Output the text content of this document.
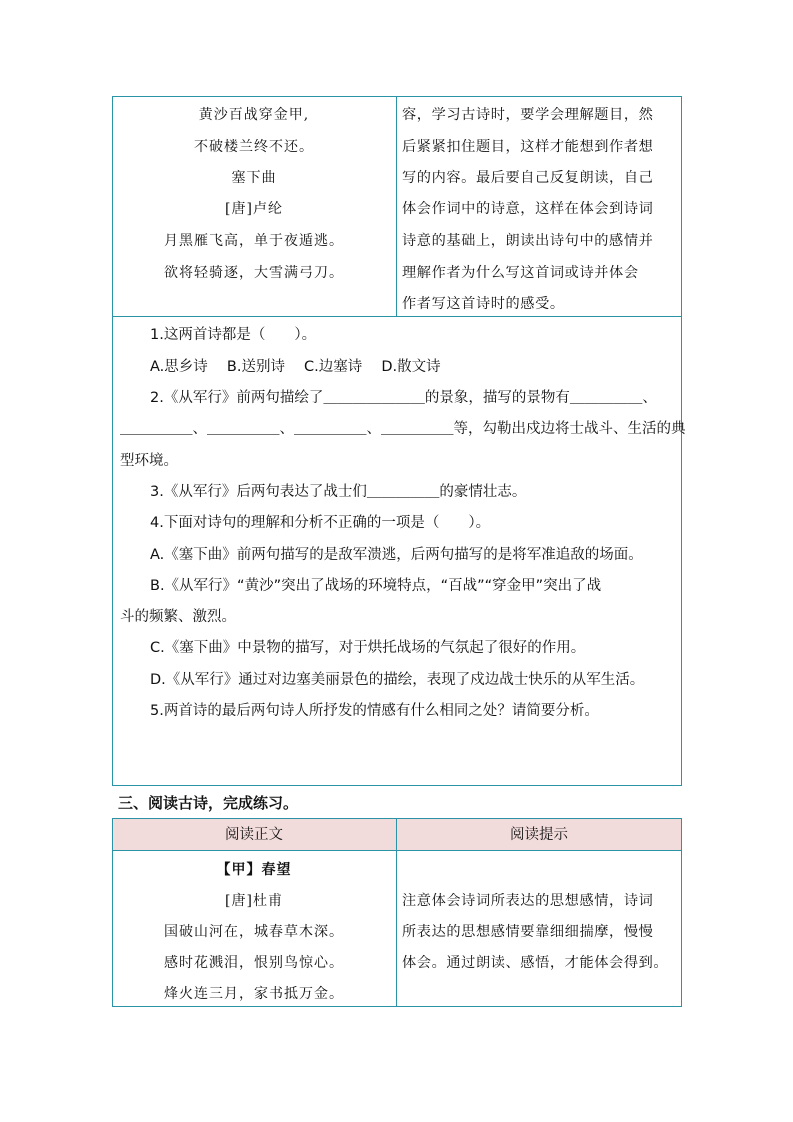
黄沙百战穿金甲,
不破楼兰终不还。
塞下曲
[唐]卢纶
月黑雁飞高，单于夜遁逃。
欲将轻骑逐，大雪满弓刀。
容，学习古诗时，要学会理解题目，然
后紧紧扣住题目，这样才能想到作者想
写的内容。最后要自己反复朗读，自己
体会作词中的诗意，这样在体会到诗词
诗意的基础上，朗读出诗句中的感情并
理解作者为什么写这首词或诗并体会
作者写这首诗时的感受。
1.这两首诗都是（　　）。
A.思乡诗　 B.送别诗　 C.边塞诗　 D.散文诗
2.《从军行》前两句描绘了＿＿＿＿＿＿＿的景象，描写的景物有＿＿＿＿＿、
＿＿＿＿＿、＿＿＿＿＿、＿＿＿＿＿、＿＿＿＿＿等，勾勒出戍边将士战斗、生活的典
型环境。
3.《从军行》后两句表达了战士们＿＿＿＿＿的豪情壮志。
4.下面对诗句的理解和分析不正确的一项是（　　）。
A.《塞下曲》前两句描写的是敌军溃逃，后两句描写的是将军准追敌的场面。
B.《从军行》“黄沙”突出了战场的环境特点，“百战”“穿金甲”突出了战
斗的频繁、激烈。
C.《塞下曲》中景物的描写，对于烘托战场的气氛起了很好的作用。
D.《从军行》通过对边塞美丽景色的描绘，表现了戍边战士快乐的从军生活。
5.两首诗的最后两句诗人所抒发的情感有什么相同之处？请简要分析。
三、阅读古诗，完成练习。
阅读正文	阅读提示
【甲】春望
[唐]杜甫
国破山河在，城春草木深。
感时花溅泪，恨别鸟惊心。
烽火连三月，家书抵万金。
注意体会诗词所表达的思想感情，诗词
所表达的思想感情要靠细细揣摩，慢慢
体会。通过朗读、感悟，才能体会得到。
